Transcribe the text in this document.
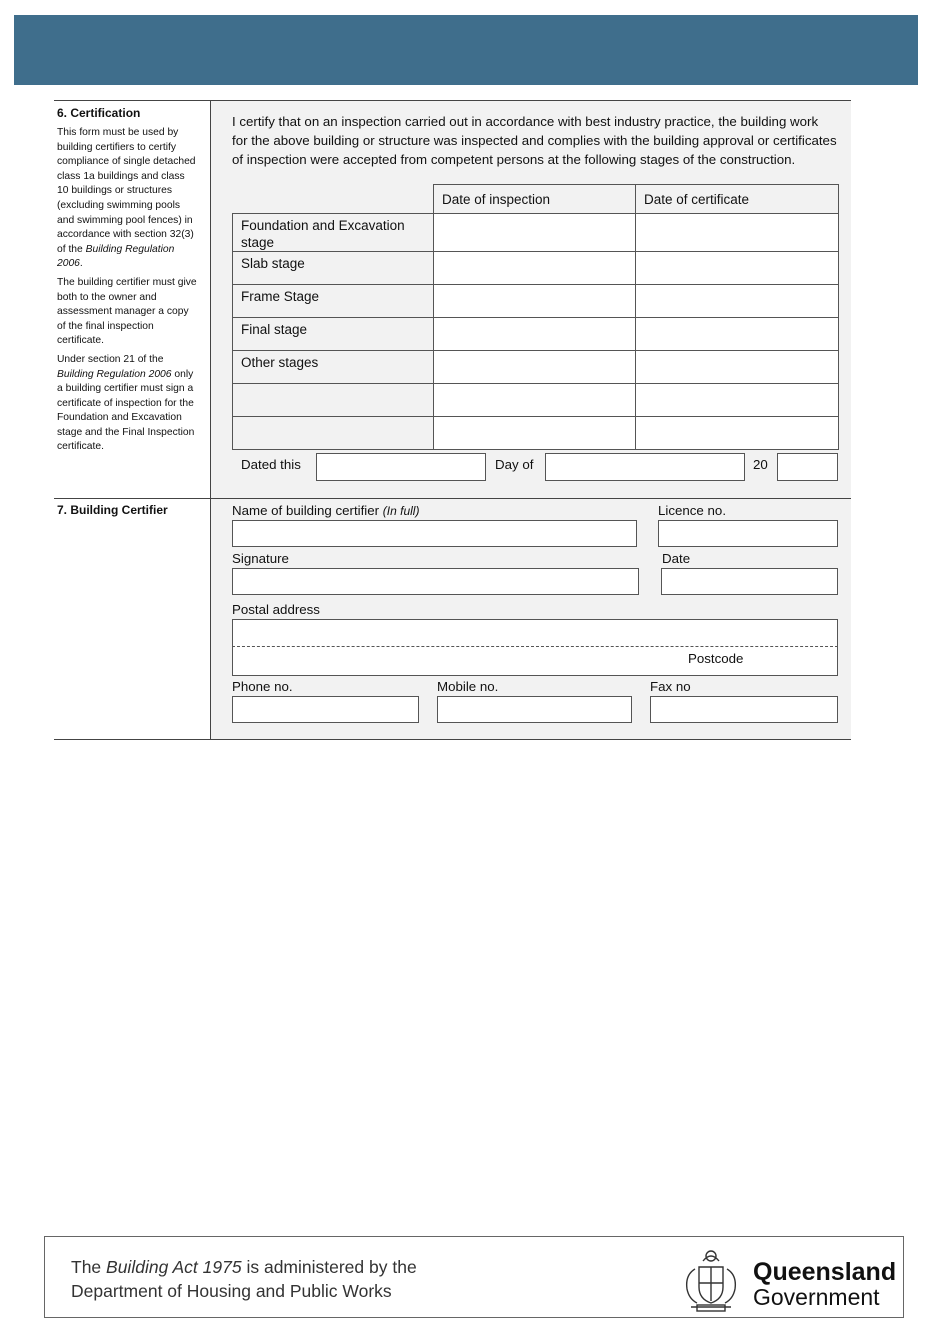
6. Certification

This form must be used by building certifiers to certify compliance of single detached class 1a buildings and class 10 buildings or structures (excluding swimming pools and swimming pool fences) in accordance with section 32(3) of the Building Regulation 2006.

The building certifier must give both to the owner and assessment manager a copy of the final inspection certificate.

Under section 21 of the Building Regulation 2006 only a building certifier must sign a certificate of inspection for the Foundation and Excavation stage and the Final Inspection certificate.

I certify that on an inspection carried out in accordance with best industry practice, the building work for the above building or structure was inspected and complies with the building approval or certificates of inspection were accepted from competent persons at the following stages of the construction.
	Date of inspection	Date of certificate
Foundation and Excavation stage		
Slab stage		
Frame Stage		
Final stage		
Other stages		

Dated this	Day of	20
7. Building Certifier	Name of building certifier (In full)	Licence no.
Signature	Date
Postal address
Postcode
Phone no.	Mobile no.	Fax no
The Building Act 1975 is administered by the
Department of Housing and Public Works
Queensland
Government
